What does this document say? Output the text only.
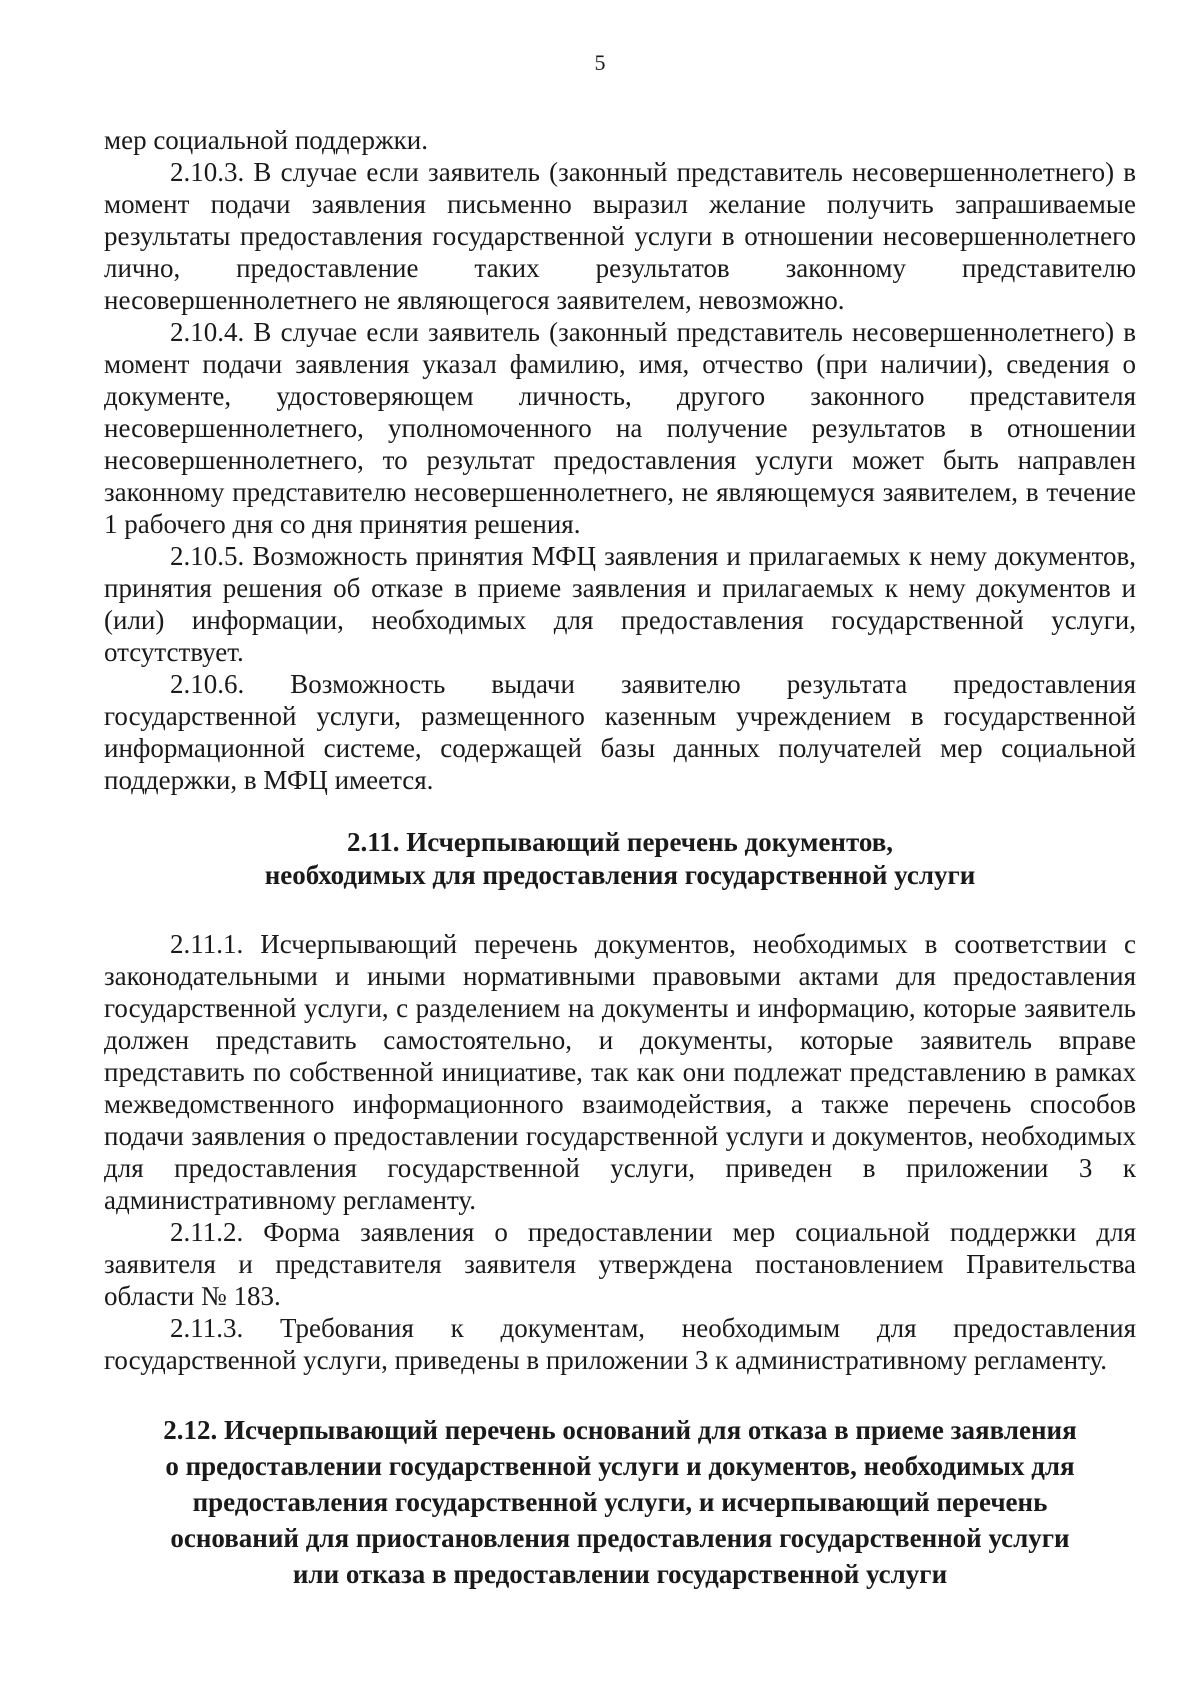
5

мер социальной поддержки.

2.10.3. В случае если заявитель (законный представитель несовершеннолетнего) в момент подачи заявления письменно выразил желание получить запрашиваемые результаты предоставления государственной услуги в отношении несовершеннолетнего лично, предоставление таких результатов законному представителю несовершеннолетнего не являющегося заявителем, невозможно.

2.10.4. В случае если заявитель (законный представитель несовершеннолетнего) в момент подачи заявления указал фамилию, имя, отчество (при наличии), сведения о документе, удостоверяющем личность, другого законного представителя несовершеннолетнего, уполномоченного на получение результатов в отношении несовершеннолетнего, то результат предоставления услуги может быть направлен законному представителю несовершеннолетнего, не являющемуся заявителем, в течение 1 рабочего дня со дня принятия решения.

2.10.5. Возможность принятия МФЦ заявления и прилагаемых к нему документов, принятия решения об отказе в приеме заявления и прилагаемых к нему документов и (или) информации, необходимых для предоставления государственной услуги, отсутствует.

2.10.6. Возможность выдачи заявителю результата предоставления государственной услуги, размещенного казенным учреждением в государственной информационной системе, содержащей базы данных получателей мер социальной поддержки, в МФЦ имеется.

2.11. Исчерпывающий перечень документов,
необходимых для предоставления государственной услуги

2.11.1. Исчерпывающий перечень документов, необходимых в соответствии с законодательными и иными нормативными правовыми актами для предоставления государственной услуги, с разделением на документы и информацию, которые заявитель должен представить самостоятельно, и документы, которые заявитель вправе представить по собственной инициативе, так как они подлежат представлению в рамках межведомственного информационного взаимодействия, а также перечень способов подачи заявления о предоставлении государственной услуги и документов, необходимых для предоставления государственной услуги, приведен в приложении 3 к административному регламенту.

2.11.2. Форма заявления о предоставлении мер социальной поддержки для заявителя и представителя заявителя утверждена постановлением Правительства области № 183.

2.11.3. Требования к документам, необходимым для предоставления государственной услуги, приведены в приложении 3 к административному регламенту.

2.12. Исчерпывающий перечень оснований для отказа в приеме заявления
о предоставлении государственной услуги и документов, необходимых для
предоставления государственной услуги, и исчерпывающий перечень
оснований для приостановления предоставления государственной услуги
или отказа в предоставлении государственной услуги
